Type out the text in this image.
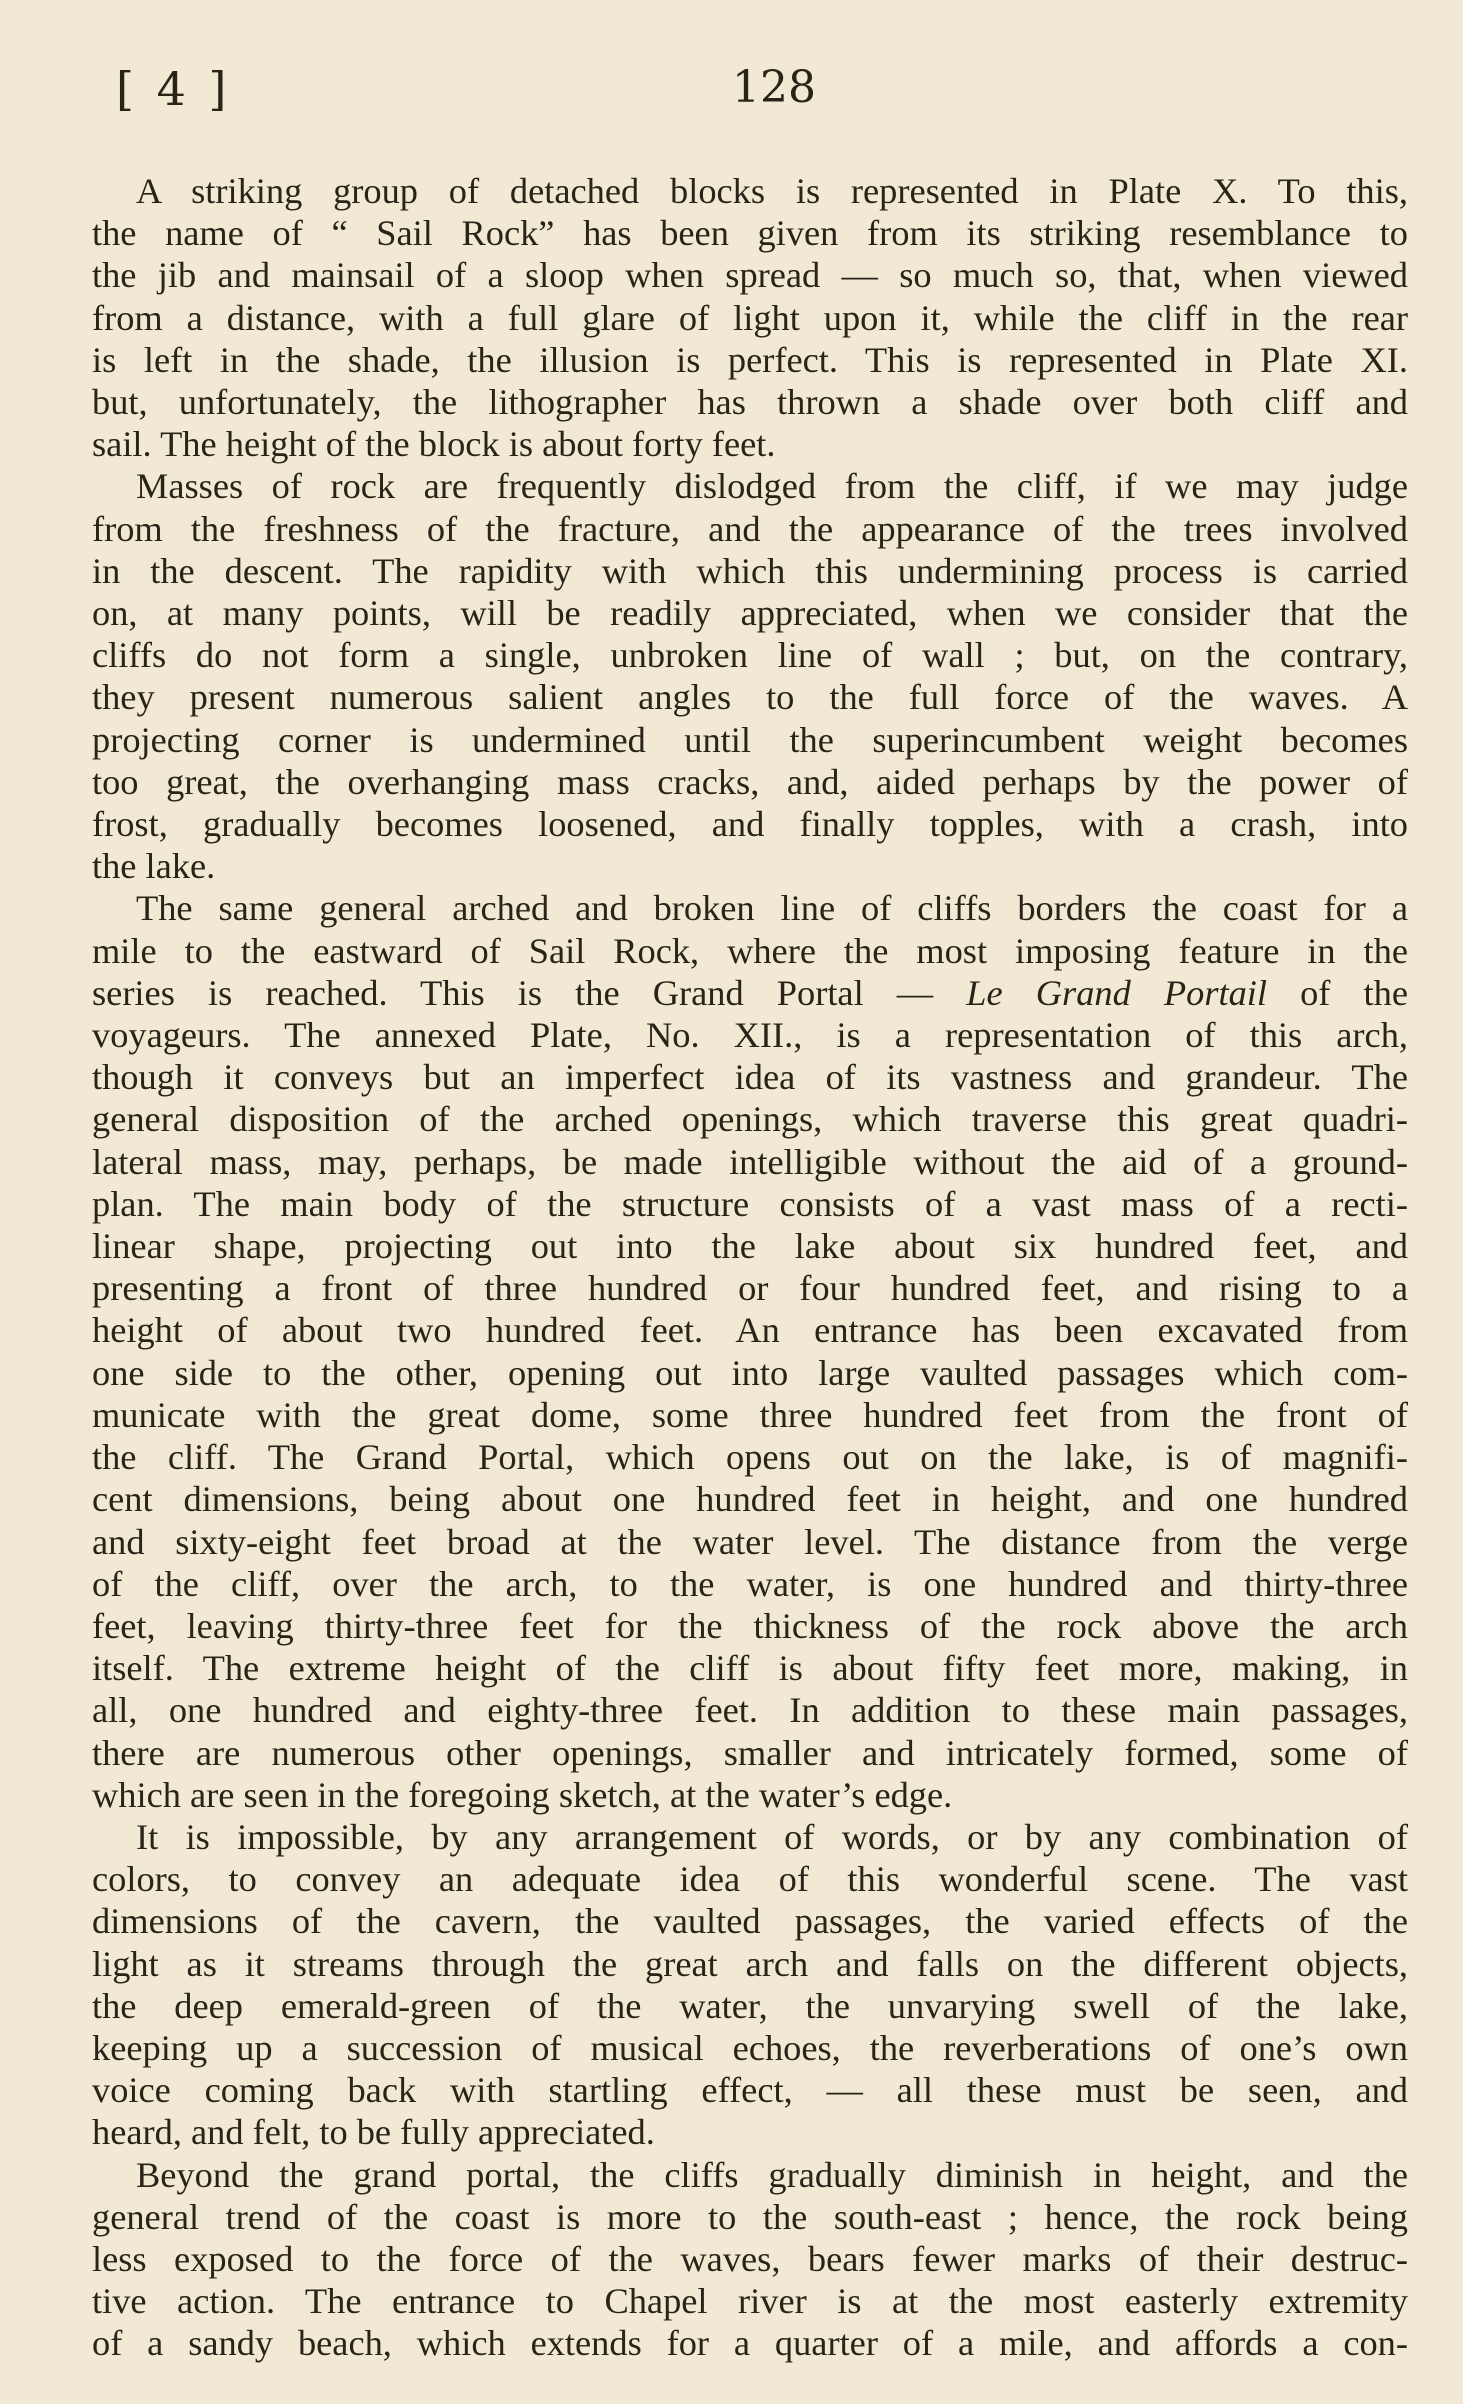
[ 4 ]	128

A striking group of detached blocks is represented in Plate X. To this,
the name of “ Sail Rock” has been given from its striking resemblance to
the jib and mainsail of a sloop when spread — so much so, that, when viewed
from a distance, with a full glare of light upon it, while the cliff in the rear
is left in the shade, the illusion is perfect. This is represented in Plate XI.
but, unfortunately, the lithographer has thrown a shade over both cliff and
sail. The height of the block is about forty feet.

Masses of rock are frequently dislodged from the cliff, if we may judge
from the freshness of the fracture, and the appearance of the trees involved
in the descent. The rapidity with which this undermining process is carried
on, at many points, will be readily appreciated, when we consider that the
cliffs do not form a single, unbroken line of wall ; but, on the contrary,
they present numerous salient angles to the full force of the waves. A
projecting corner is undermined until the superincumbent weight becomes
too great, the overhanging mass cracks, and, aided perhaps by the power of
frost, gradually becomes loosened, and finally topples, with a crash, into
the lake.

The same general arched and broken line of cliffs borders the coast for a
mile to the eastward of Sail Rock, where the most imposing feature in the
series is reached. This is the Grand Portal — Le Grand Portail of the
voyageurs. The annexed Plate, No. XII., is a representation of this arch,
though it conveys but an imperfect idea of its vastness and grandeur. The
general disposition of the arched openings, which traverse this great quadri-
lateral mass, may, perhaps, be made intelligible without the aid of a ground-
plan. The main body of the structure consists of a vast mass of a recti-
linear shape, projecting out into the lake about six hundred feet, and
presenting a front of three hundred or four hundred feet, and rising to a
height of about two hundred feet. An entrance has been excavated from
one side to the other, opening out into large vaulted passages which com-
municate with the great dome, some three hundred feet from the front of
the cliff. The Grand Portal, which opens out on the lake, is of magnifi-
cent dimensions, being about one hundred feet in height, and one hundred
and sixty-eight feet broad at the water level. The distance from the verge
of the cliff, over the arch, to the water, is one hundred and thirty-three
feet, leaving thirty-three feet for the thickness of the rock above the arch
itself. The extreme height of the cliff is about fifty feet more, making, in
all, one hundred and eighty-three feet. In addition to these main passages,
there are numerous other openings, smaller and intricately formed, some of
which are seen in the foregoing sketch, at the water’s edge.

It is impossible, by any arrangement of words, or by any combination of
colors, to convey an adequate idea of this wonderful scene. The vast
dimensions of the cavern, the vaulted passages, the varied effects of the
light as it streams through the great arch and falls on the different objects,
the deep emerald-green of the water, the unvarying swell of the lake,
keeping up a succession of musical echoes, the reverberations of one’s own
voice coming back with startling effect, — all these must be seen, and
heard, and felt, to be fully appreciated.

Beyond the grand portal, the cliffs gradually diminish in height, and the
general trend of the coast is more to the south-east ; hence, the rock being
less exposed to the force of the waves, bears fewer marks of their destruc-
tive action. The entrance to Chapel river is at the most easterly extremity
of a sandy beach, which extends for a quarter of a mile, and affords a con-
